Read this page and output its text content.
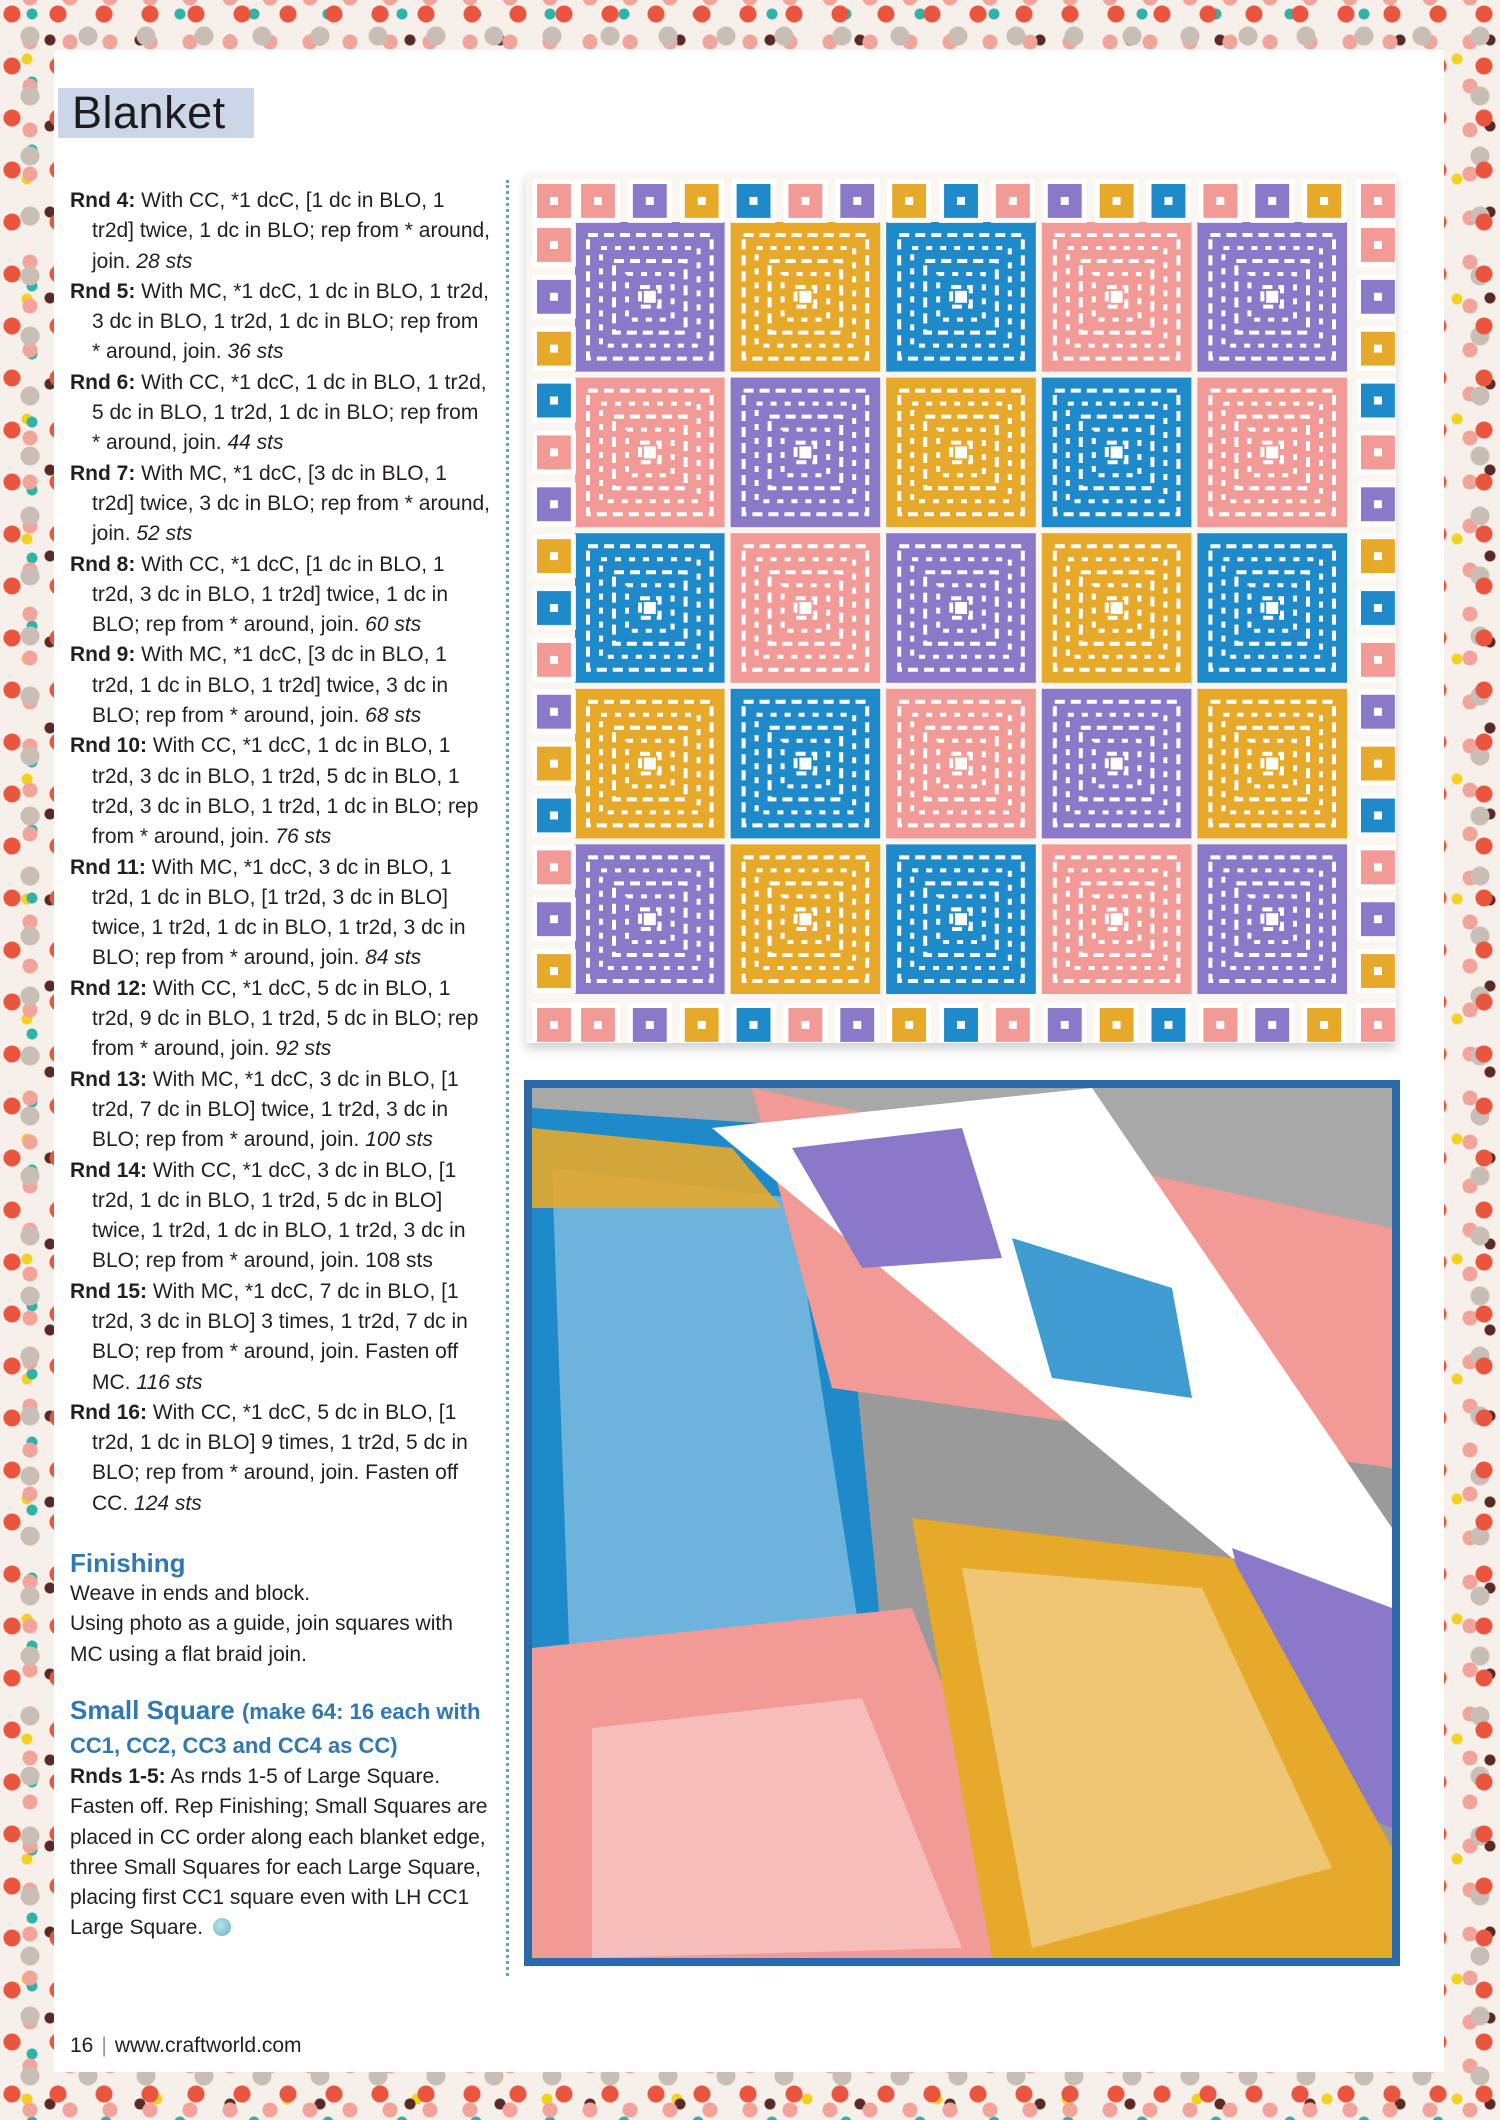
Blanket

Rnd 4: With CC, *1 dcC, [1 dc in BLO, 1 tr2d] twice, 1 dc in BLO; rep from * around, join. 28 sts

Rnd 5: With MC, *1 dcC, 1 dc in BLO, 1 tr2d, 3 dc in BLO, 1 tr2d, 1 dc in BLO; rep from * around, join. 36 sts

Rnd 6: With CC, *1 dcC, 1 dc in BLO, 1 tr2d, 5 dc in BLO, 1 tr2d, 1 dc in BLO; rep from * around, join. 44 sts

Rnd 7: With MC, *1 dcC, [3 dc in BLO, 1 tr2d] twice, 3 dc in BLO; rep from * around, join. 52 sts

Rnd 8: With CC, *1 dcC, [1 dc in BLO, 1 tr2d, 3 dc in BLO, 1 tr2d] twice, 1 dc in BLO; rep from * around, join. 60 sts

Rnd 9: With MC, *1 dcC, [3 dc in BLO, 1 tr2d, 1 dc in BLO, 1 tr2d] twice, 3 dc in BLO; rep from * around, join. 68 sts

Rnd 10: With CC, *1 dcC, 1 dc in BLO, 1 tr2d, 3 dc in BLO, 1 tr2d, 5 dc in BLO, 1 tr2d, 3 dc in BLO, 1 tr2d, 1 dc in BLO; rep from * around, join. 76 sts

Rnd 11: With MC, *1 dcC, 3 dc in BLO, 1 tr2d, 1 dc in BLO, [1 tr2d, 3 dc in BLO] twice, 1 tr2d, 1 dc in BLO, 1 tr2d, 3 dc in BLO; rep from * around, join. 84 sts

Rnd 12: With CC, *1 dcC, 5 dc in BLO, 1 tr2d, 9 dc in BLO, 1 tr2d, 5 dc in BLO; rep from * around, join. 92 sts

Rnd 13: With MC, *1 dcC, 3 dc in BLO, [1 tr2d, 7 dc in BLO] twice, 1 tr2d, 3 dc in BLO; rep from * around, join. 100 sts

Rnd 14: With CC, *1 dcC, 3 dc in BLO, [1 tr2d, 1 dc in BLO, 1 tr2d, 5 dc in BLO] twice, 1 tr2d, 1 dc in BLO, 1 tr2d, 3 dc in BLO; rep from * around, join. 108 sts

Rnd 15: With MC, *1 dcC, 7 dc in BLO, [1 tr2d, 3 dc in BLO] 3 times, 1 tr2d, 7 dc in BLO; rep from * around, join. Fasten off MC. 116 sts

Rnd 16: With CC, *1 dcC, 5 dc in BLO, [1 tr2d, 1 dc in BLO] 9 times, 1 tr2d, 5 dc in BLO; rep from * around, join. Fasten off CC. 124 sts

Finishing

Weave in ends and block.

Using photo as a guide, join squares with MC using a flat braid join.

Small Square (make 64: 16 each with CC1, CC2, CC3 and CC4 as CC)

Rnds 1-5: As rnds 1-5 of Large Square. Fasten off. Rep Finishing; Small Squares are placed in CC order along each blanket edge, three Small Squares for each Large Square, placing first CC1 square even with LH CC1 Large Square.

16 | www.craftworld.com
